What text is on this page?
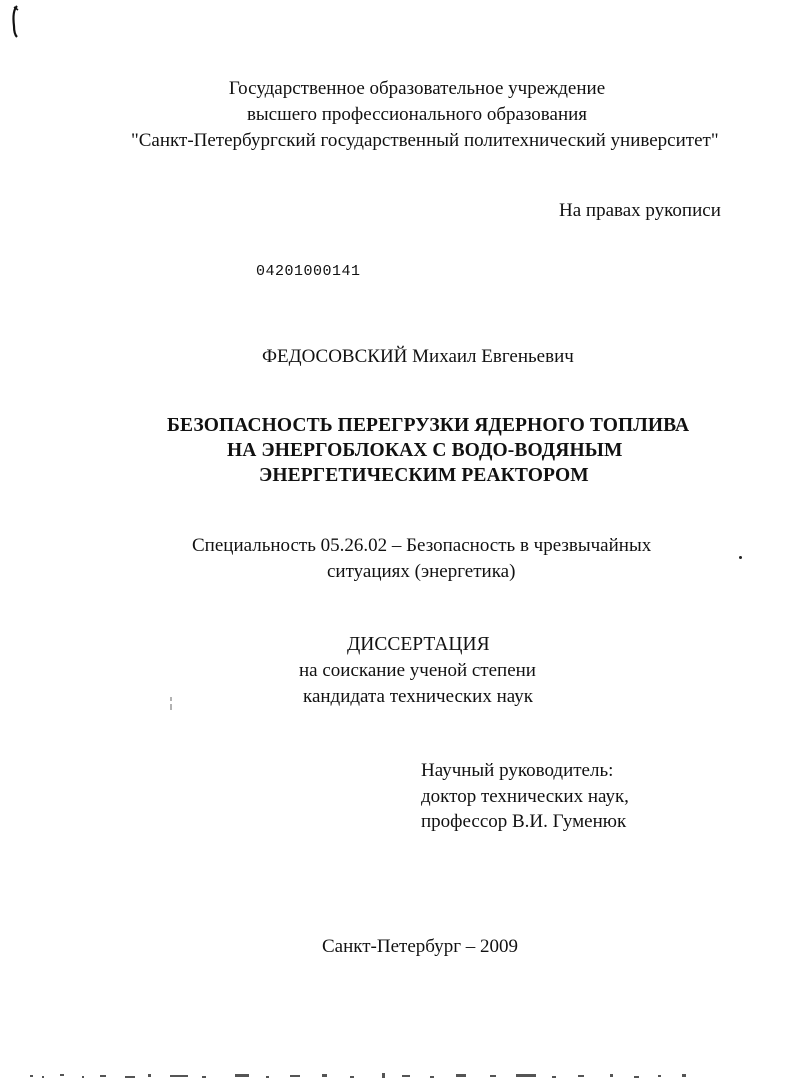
Государственное образовательное учреждение
высшего профессионального образования
"Санкт-Петербургский государственный политехнический университет"
На правах рукописи
04201000141
ФЕДОСОВСКИЙ Михаил Евгеньевич
БЕЗОПАСНОСТЬ ПЕРЕГРУЗКИ ЯДЕРНОГО ТОПЛИВА
НА ЭНЕРГОБЛОКАХ С ВОДО-ВОДЯНЫМ
ЭНЕРГЕТИЧЕСКИМ РЕАКТОРОМ
Специальность 05.26.02 – Безопасность в чрезвычайных
ситуациях (энергетика)
ДИССЕРТАЦИЯ
на соискание ученой степени
кандидата технических наук
Научный руководитель:
доктор технических наук,
профессор В.И. Гуменюк
Санкт-Петербург – 2009
